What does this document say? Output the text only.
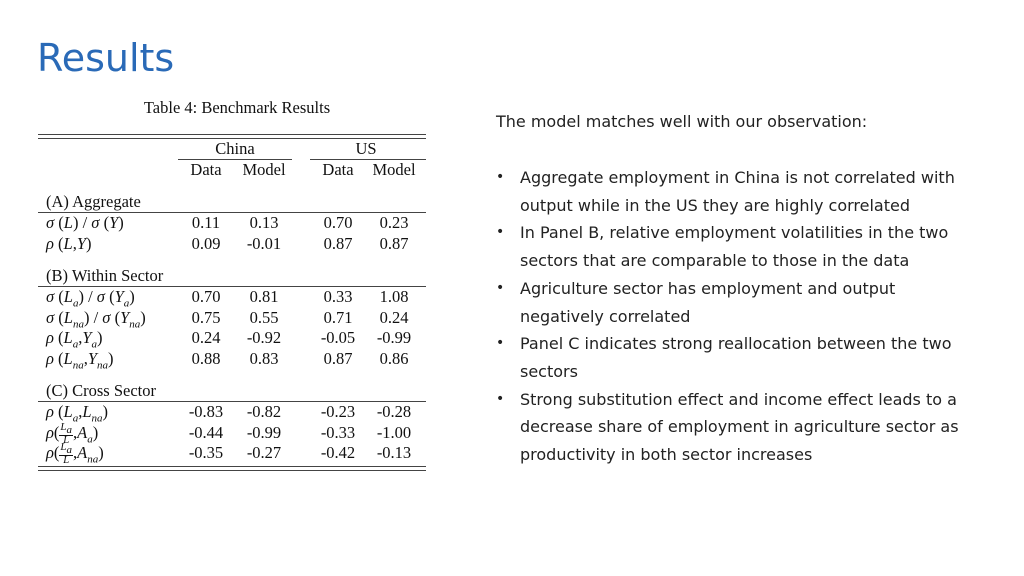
Results
Table 4: Benchmark Results
China	US
Data	Model	Data	Model
(A) Aggregate
σ (L) / σ (Y)	0.11	0.13	0.70	0.23
ρ (L,Y)	0.09	-0.01	0.87	0.87
(B) Within Sector
σ $(L_a)$ / σ $(Y_a)$	0.70	0.81	0.33	1.08
σ $(L_{na})$ / σ $(Y_{na})$	0.75	0.55	0.71	0.24
ρ $(L_a,Y_a)$	0.24	-0.92	-0.05	-0.99
ρ $(L_{na},Y_{na})$	0.88	0.83	0.87	0.86
(C) Cross Sector
ρ $(L_a,L_{na})$	-0.83	-0.82	-0.23	-0.28
$\rho( \frac{L_a}{L} ,A_a)$	-0.44	-0.99	-0.33	-1.00
$\rho( \frac{L_a}{L} ,A_{na})$	-0.35	-0.27	-0.42	-0.13
The model matches well with our observation:
• Aggregate employment in China is not correlated with output while in the US they are highly correlated
• In Panel B, relative employment volatilities in the two sectors that are comparable to those in the data
• Agriculture sector has employment and output negatively correlated
• Panel C indicates strong reallocation between the two sectors
• Strong substitution effect and income effect leads to a decrease share of employment in agriculture sector as productivity in both sector increases
